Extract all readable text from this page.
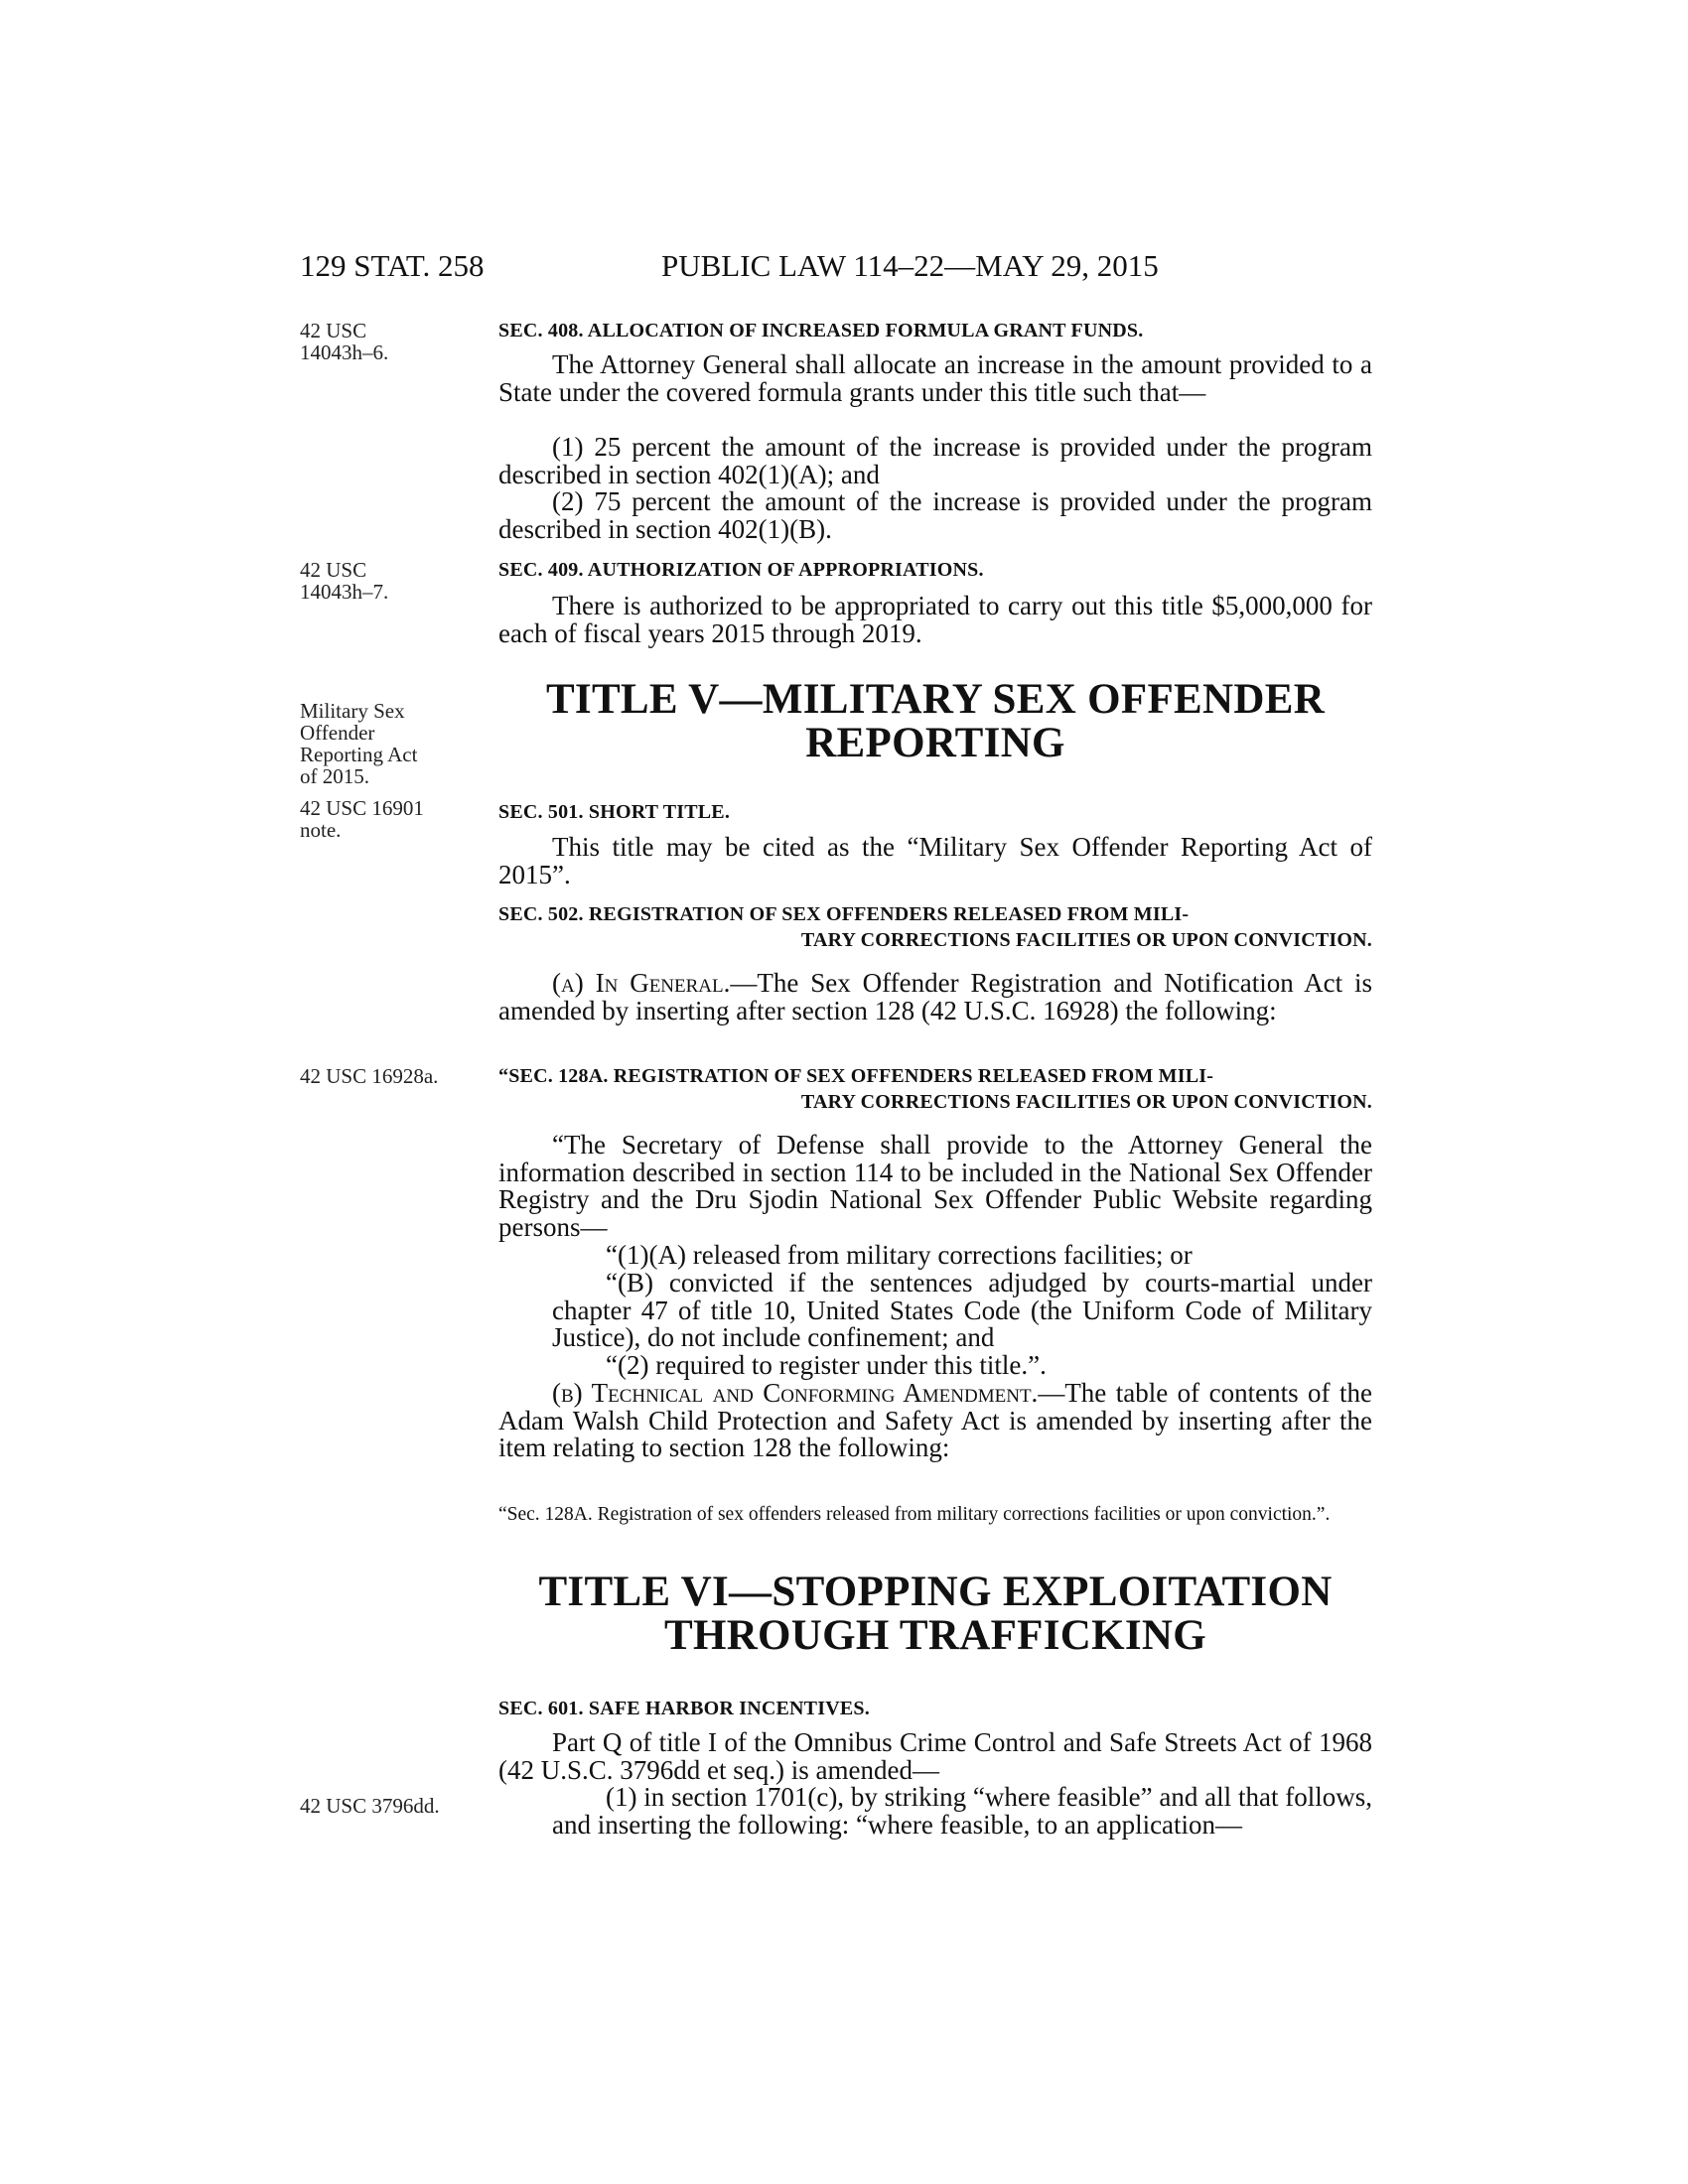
129 STAT. 258	PUBLIC LAW 114–22—MAY 29, 2015
42 USC
14043h–6.
42 USC
14043h–7.
Military Sex
Offender
Reporting Act
of 2015.
42 USC 16901
note.
42 USC 16928a.
42 USC 3796dd.
SEC. 408. ALLOCATION OF INCREASED FORMULA GRANT FUNDS.
The Attorney General shall allocate an increase in the amount provided to a State under the covered formula grants under this title such that—
(1) 25 percent the amount of the increase is provided under the program described in section 402(1)(A); and
(2) 75 percent the amount of the increase is provided under the program described in section 402(1)(B).
SEC. 409. AUTHORIZATION OF APPROPRIATIONS.
There is authorized to be appropriated to carry out this title $5,000,000 for each of fiscal years 2015 through 2019.
TITLE V—MILITARY SEX OFFENDER
REPORTING
SEC. 501. SHORT TITLE.
This title may be cited as the “Military Sex Offender Reporting Act of 2015”.
SEC. 502. REGISTRATION OF SEX OFFENDERS RELEASED FROM MILI-
TARY CORRECTIONS FACILITIES OR UPON CONVICTION.
(a) In General.—The Sex Offender Registration and Notification Act is amended by inserting after section 128 (42 U.S.C. 16928) the following:
“SEC. 128A. REGISTRATION OF SEX OFFENDERS RELEASED FROM MILI-
TARY CORRECTIONS FACILITIES OR UPON CONVICTION.
“The Secretary of Defense shall provide to the Attorney General the information described in section 114 to be included in the National Sex Offender Registry and the Dru Sjodin National Sex Offender Public Website regarding persons—
“(1)(A) released from military corrections facilities; or
“(B) convicted if the sentences adjudged by courts-martial under chapter 47 of title 10, United States Code (the Uniform Code of Military Justice), do not include confinement; and
“(2) required to register under this title.”.
(b) Technical and Conforming Amendment.—The table of contents of the Adam Walsh Child Protection and Safety Act is amended by inserting after the item relating to section 128 the following:
“Sec. 128A. Registration of sex offenders released from military corrections facilities or upon conviction.”.
TITLE VI—STOPPING EXPLOITATION
THROUGH TRAFFICKING
SEC. 601. SAFE HARBOR INCENTIVES.
Part Q of title I of the Omnibus Crime Control and Safe Streets Act of 1968 (42 U.S.C. 3796dd et seq.) is amended—
(1) in section 1701(c), by striking “where feasible” and all that follows, and inserting the following: “where feasible, to an application—
